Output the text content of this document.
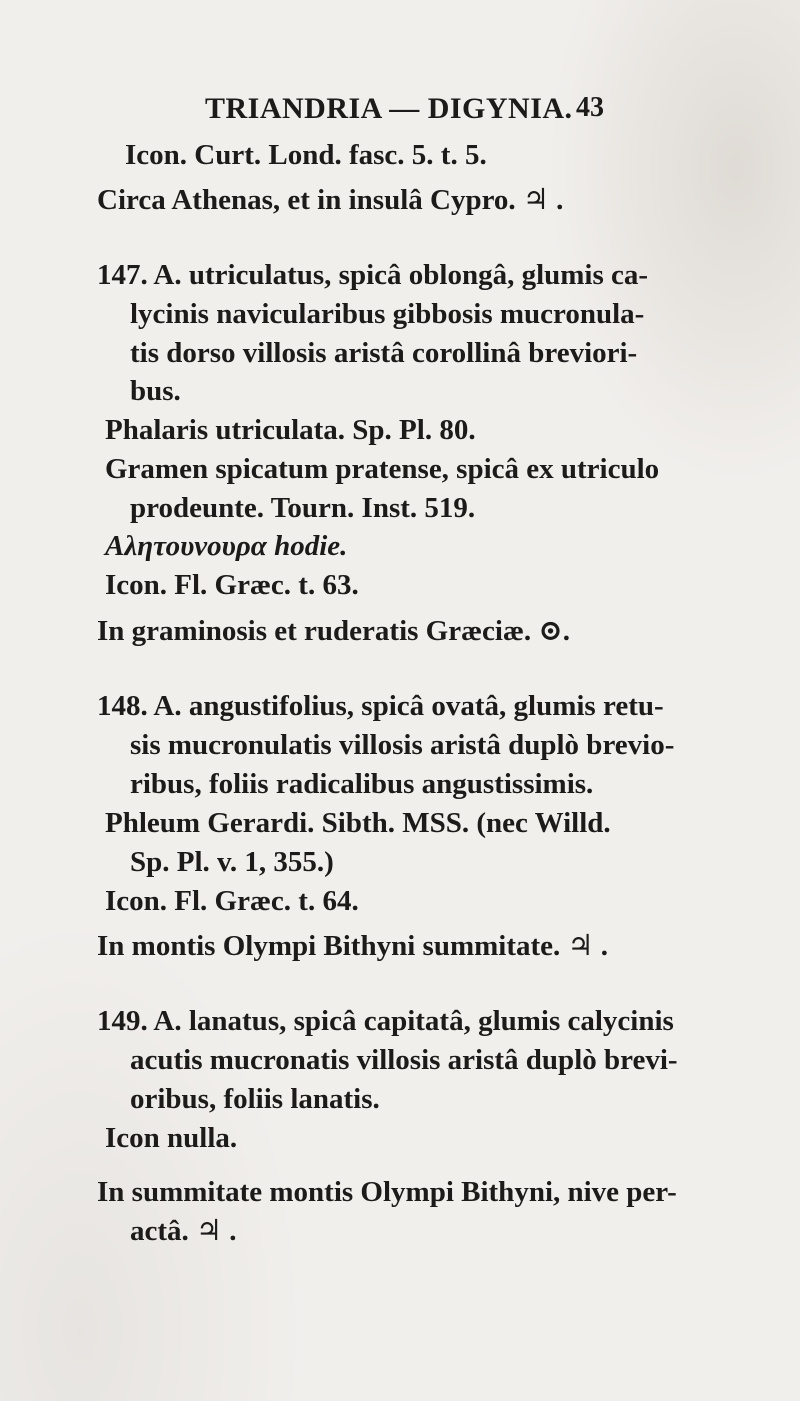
TRIANDRIA — DIGYNIA. 43
Icon. Curt. Lond. fasc. 5. t. 5.
Circa Athenas, et in insulâ Cypro. ♃ .
147. A. utriculatus, spicâ oblongâ, glumis ca-
lycinis navicularibus gibbosis mucronula-
tis dorso villosis aristâ corollinâ breviori-
bus.
Phalaris utriculata. Sp. Pl. 80.
Gramen spicatum pratense, spicâ ex utriculo
prodeunte. Tourn. Inst. 519.
Αλητουνουρα hodie.
Icon. Fl. Græc. t. 63.
In graminosis et ruderatis Græciæ. ⊙.
148. A. angustifolius, spicâ ovatâ, glumis retu-
sis mucronulatis villosis aristâ duplò brevio-
ribus, foliis radicalibus angustissimis.
Phleum Gerardi. Sibth. MSS. (nec Willd.
Sp. Pl. v. 1, 355.)
Icon. Fl. Græc. t. 64.
In montis Olympi Bithyni summitate. ♃ .
149. A. lanatus, spicâ capitatâ, glumis calycinis
acutis mucronatis villosis aristâ duplò brevi-
oribus, foliis lanatis.
Icon nulla.
In summitate montis Olympi Bithyni, nive per-
actâ. ♃ .
